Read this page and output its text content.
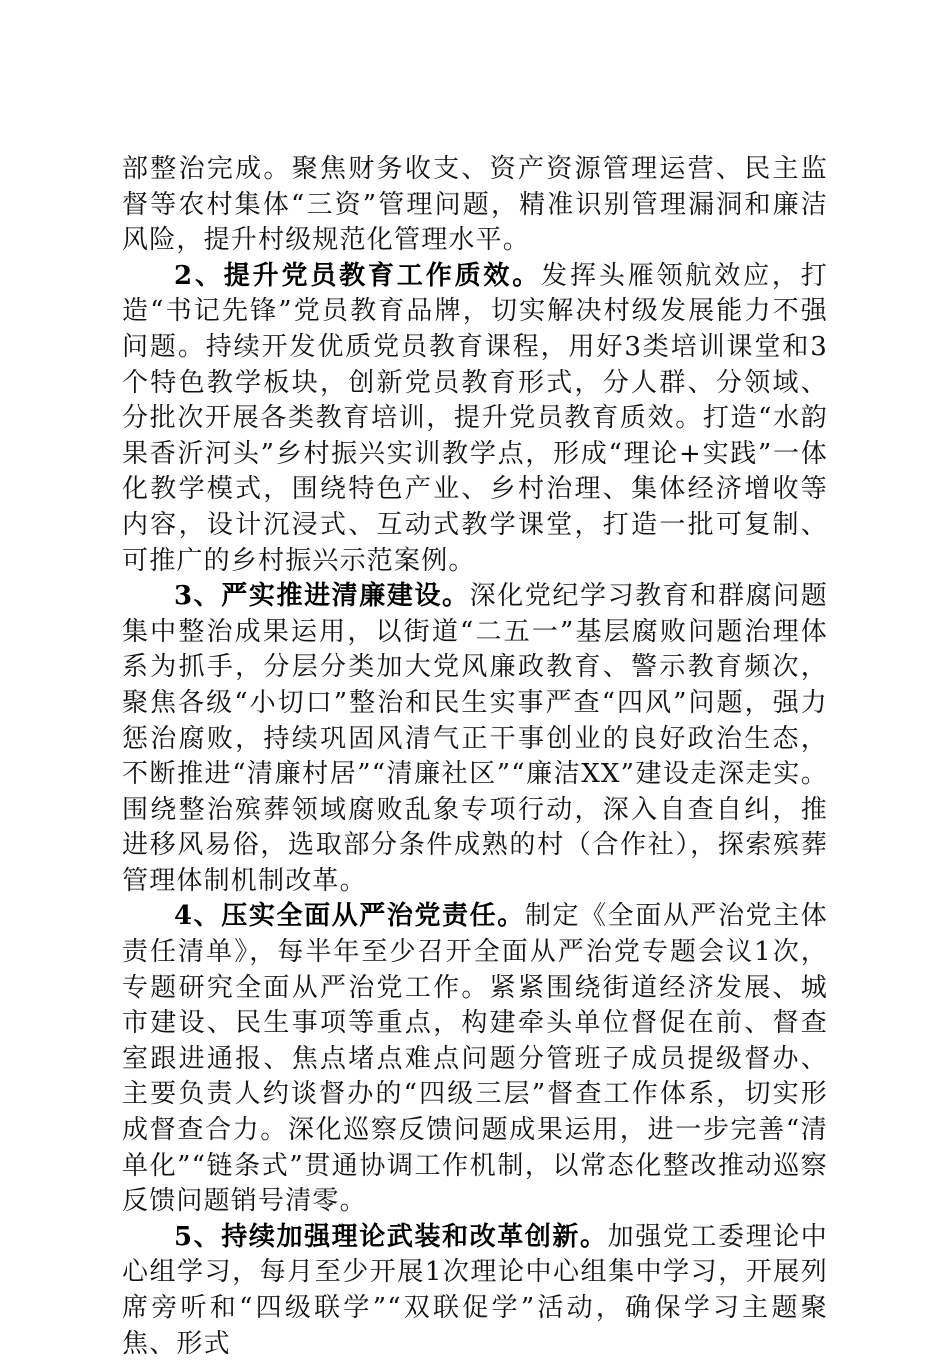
部整治完成。聚焦财务收支、资产资源管理运营、民主监督等农村集体“三资”管理问题，精准识别管理漏洞和廉洁风险，提升村级规范化管理水平。

2、提升党员教育工作质效。发挥头雁领航效应，打造“书记先锋”党员教育品牌，切实解决村级发展能力不强问题。持续开发优质党员教育课程，用好3类培训课堂和3个特色教学板块，创新党员教育形式，分人群、分领域、分批次开展各类教育培训，提升党员教育质效。打造“水韵果香沂河头”乡村振兴实训教学点，形成“理论+实践”一体化教学模式，围绕特色产业、乡村治理、集体经济增收等内容，设计沉浸式、互动式教学课堂，打造一批可复制、可推广的乡村振兴示范案例。

3、严实推进清廉建设。深化党纪学习教育和群腐问题集中整治成果运用，以街道“二五一”基层腐败问题治理体系为抓手，分层分类加大党风廉政教育、警示教育频次，聚焦各级“小切口”整治和民生实事严查“四风”问题，强力惩治腐败，持续巩固风清气正干事创业的良好政治生态，不断推进“清廉村居”“清廉社区”“廉洁XX”建设走深走实。围绕整治殡葬领域腐败乱象专项行动，深入自查自纠，推进移风易俗，选取部分条件成熟的村（合作社），探索殡葬管理体制机制改革。

4、压实全面从严治党责任。制定《全面从严治党主体责任清单》，每半年至少召开全面从严治党专题会议1次，专题研究全面从严治党工作。紧紧围绕街道经济发展、城市建设、民生事项等重点，构建牵头单位督促在前、督查室跟进通报、焦点堵点难点问题分管班子成员提级督办、主要负责人约谈督办的“四级三层”督查工作体系，切实形成督查合力。深化巡察反馈问题成果运用，进一步完善“清单化”“链条式”贯通协调工作机制，以常态化整改推动巡察反馈问题销号清零。

5、持续加强理论武装和改革创新。加强党工委理论中心组学习，每月至少开展1次理论中心组集中学习，开展列席旁听和“四级联学”“双联促学”活动，确保学习主题聚焦、形式
